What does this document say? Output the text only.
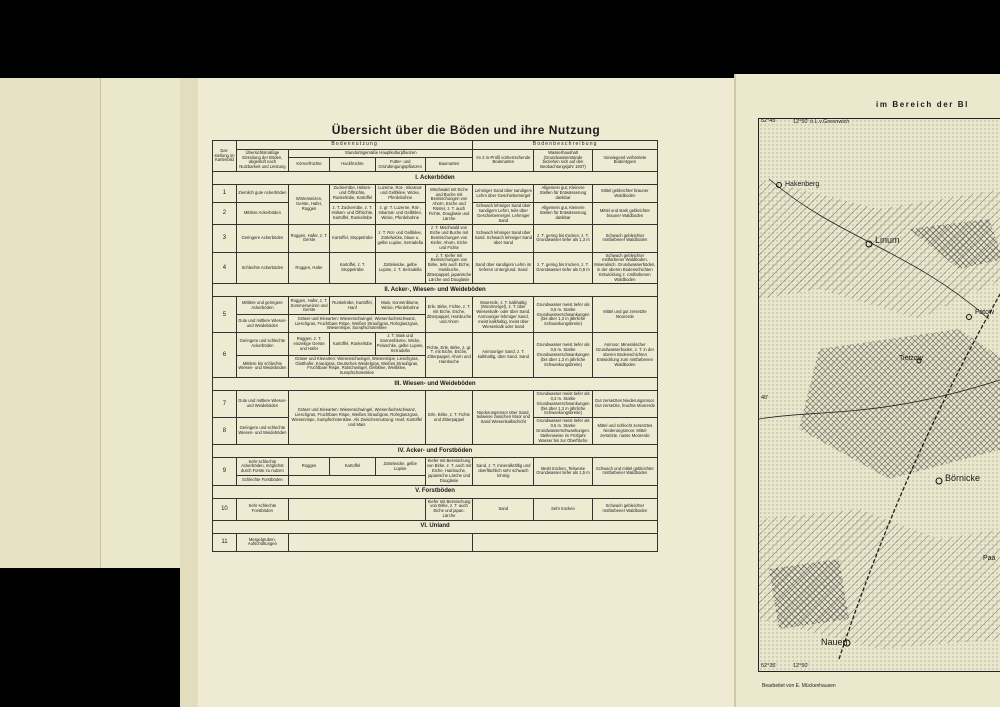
Übersicht über die Böden und ihre Nutzung
Dar-stellung im Kartenbild	Bodennutzung					Bodenbeschreibung		
	Übersichtsmäßige Einteilung der Böden, abgestuft nach Nutzbarkeit und Leistung	Standortsgemäße Hauptkulturpflanzen				Im 2 m-Profil vorherrschende Bodenarten	Wasserhaushalt (Grundwasserstände beziehen sich auf den Beobachtungsjahr 1937)	Vorwiegend verbreitete Bodentypen
		Körnerfrüchte	Hackfrüchte	Futter- und Gründüngungspflanzen	Baumarten			
I. Ackerböden								
1	Ziemlich gute Ackerböden	Winterweizen, Gerste, Hafer, Roggen	Zuckerrübe, Hülsen- und Ölfrüchte, Runkelrübe, Kartoffel	Luzerne, Rot-, Inkarnat- und Gelbklee, Wicke, Pferdebohne	Mischwald mit Eiche und Buche mit Beimischungen von Ahorn, Esche und Rüster, z. T. auch Fichte, Douglasie und Lärche	Lehmiger Sand über sandigem Lehm über Geschiebemergel	Allgemein gut, Kleinere Stellen für Entwässerung dankbar	Mittel gebleichter brauner Waldboden
2	Mittlere Ackerböden		z. T. Zuckerrübe, z. T. Hülsen- und Ölfrüchte, Kartoffel, Runkelrübe	z. gr. T. Luzerne, Rot-, Inkarnat- und Gelbklee, Wicke, Pferdebohne		Schwach lehmiger Sand über sandigem Lehm, teils über Geschiebemergel. Lehmiger Sand	Allgemein gut, Kleinere Stellen für Entwässerung dankbar	Mittel und stark gebleichter brauner Waldboden
3	Geringere Ackerböden	Roggen, Hafer, z. T. Gerste	Kartoffel, Stoppelrübe	z. T. Rot- und Gelbklee, Zottelwicke, blaue u. gelbe Lupine, Serradella	z. T. Mischwald von Eiche und Buche mit Beimischungen von Kiefer, Ahorn, Eiche und Fichte	Schwach lehmiger Sand über Sand. Schwach lehmiger Sand über Sand	z. T. gering bis trocken, z. T. Grundwasser tiefer als 1,3 m	Schwach gebleichter rostfarbener Waldboden
4	Schlechte Ackerböden	Roggen, Hafer	Kartoffel, z. T. Stoppelrübe	Zottelwicke, gelbe Lupine, z. T. Serradella	z. T. Kiefer mit Beimischungen von Birke, teils auch Eiche, Hainbuche, Zitterpappel, japanische Lärche und Douglasie	Sand über sandigem Lehm im tieferen Untergrund. Sand	z. T. gering bis trocken, z. T. Grundwasser tiefer als 0,8 m	Schwach gebleichter rostfarbener Waldboden. Mineralisch. Grundwasserböden, in der oberen Bodenschichten Entwicklung z. rostfarbenen Waldboden
II. Acker-, Wiesen- und Weideböden								
5	Mittlere und geringere Ackerböden	Roggen, Hafer, z. T. Sommerweizen und Gerste	Runkelrübe, Kartoffel, Hanf	Mais, Sonnenblume, Wicke, Pferdebohne	Erle, Birke, Fichte, z. T. mit Eiche, Esche, Zitterpappel, Hainbuche und Ahorn	Moorerde, z. T. kalkhaltig (Moormergel), z. T. über Wiesenkalk- oder über Sand. Anmooriger lehmiger Sand, meist kalkhaltig, meist über Wiesenkalk oder Sand	Grundwasser meist tiefer als 0,5 m. Starke Grundwasserschwankungen (bis über 1,3 m jährliche Schwankungsbreite)	Mittel und gut zersetzte Moorerde
	Gute und mittlere Wiesen- und Weideböden	Gräser und Kleearten: Wiesenschwingel, Wiesenfuchsschwanz, Lieschgras, Fruchtbare Rispe, Weißes Straußgras, Rohrglanzgras, Wiesenrispe, Sumpfschotenklee						
6	Geringere und schlechte Ackerböden	Roggen, z. T. einzeilige Gerste und Hafer	Kartoffel, Runkelrübe	z. T. Mais und Sonnenblume, Wicke, Peluschke, gelbe Lupine, Serradella	Fichte, Erle, Birke, z. gr. T. mit Eiche, Esche, Zitterpappel, Ahorn und Hainbuche	Anmooriger Sand, z. T. kalkhaltig, über Sand. Sand	Grundwasser meist tiefer als 0,5 m. Starke Grundwasserschwankungen (bis über 1,3 m jährliche Schwankungsbreite)	Anmoor, Mineralischer Grundwasserboden, z. T. in der oberen Bodenschichten Entwicklung zum rostfarbenen Waldboden
	Mittlere bis schlechte Wiesen- und Weideböden	Gräser und Kleearten: Wiesenschwingel, Wiesenrispe, Lieschgras, Glatthafer, Knaulgras, Deutsches Weidelgras, Weißes Straußgras, Fruchtbare Rispe, Rotschwingel, Gelbklee, Weißklee, Sumpfschotenklee						
III. Wiesen- und Weideböden								
7	Gute und mittlere Wiesen- und Weideböden	Gräser und Kleearten: Wiesenschwingel, Wiesenfuchsschwanz, Lieschgras, Fruchtbare Rispe, Weißes Straußgras, Rohrglanzgras, Wiesenrispe, Sumpfschotenklee. Als Zwischennutzung: Hanf, Kartoffel und Mais			Erle, Birke, z. T. Fichte und Zitterpappel	Niederungsmoor über Sand, teilweise zwischen Moor und Sand Wiesenkalkschicht	Grundwasser meist tiefer als 0,3 m. Starke Grundwasserschwankungen (bis über 1,3 m jährliche Schwankungsbreite)	Gut zersetztes Niederungsmoor. Gut zersetzte, feuchte Moorerde
8	Geringere und schlechte Wiesen- und Weideböden						Grundwasser meist tiefer als 0,5 m. Starke Grundwasserschwankungen. Stellenweise im Frühjahr Wasser bis zur Oberfläche	Mittel und schlecht zersetztes Niederungsmoor. Mittel zersetzte, nasse Moorerde
IV. Acker- und Forstböden								
9	Sehr schlechte Ackerböden, möglichst durch Forste zu nutzen	Roggen	Kartoffel	Zottelwicke, gelbe Lupine	Kiefer mit Beimischung von Birke, z. T. auch mit Eiche, Hainbuche, japanische Lärche und Douglasie	Sand, z. T. mineralkräftig und oberflächlich sehr schwach lehmig	Meist trocken, Teilweise Grundwasser tiefer als 1,5 m	Schwach und mittel gebleichter rostfarbener Waldboden
	Schlechte Forstböden							
V. Forstböden								
10	Sehr schlechte Forstböden				Kiefer mit Beimischung von Birke, z. T. auch Eiche und japan. Lärche	Sand	Sehr trocken	Schwach gebleichter rostfarbener Waldboden
VI. Unland								
11	Mergelgruben, Aufschüttungen							
im Bereich der Bl
52°45'	12°50' ö.L.v.Greenwich
40'
12°50'
52°35'
Hakenberg
Linum
Tietzow
Börnicke
Nauen
Fatow
Paa
Bearbeitet von E. Mückenhausen
